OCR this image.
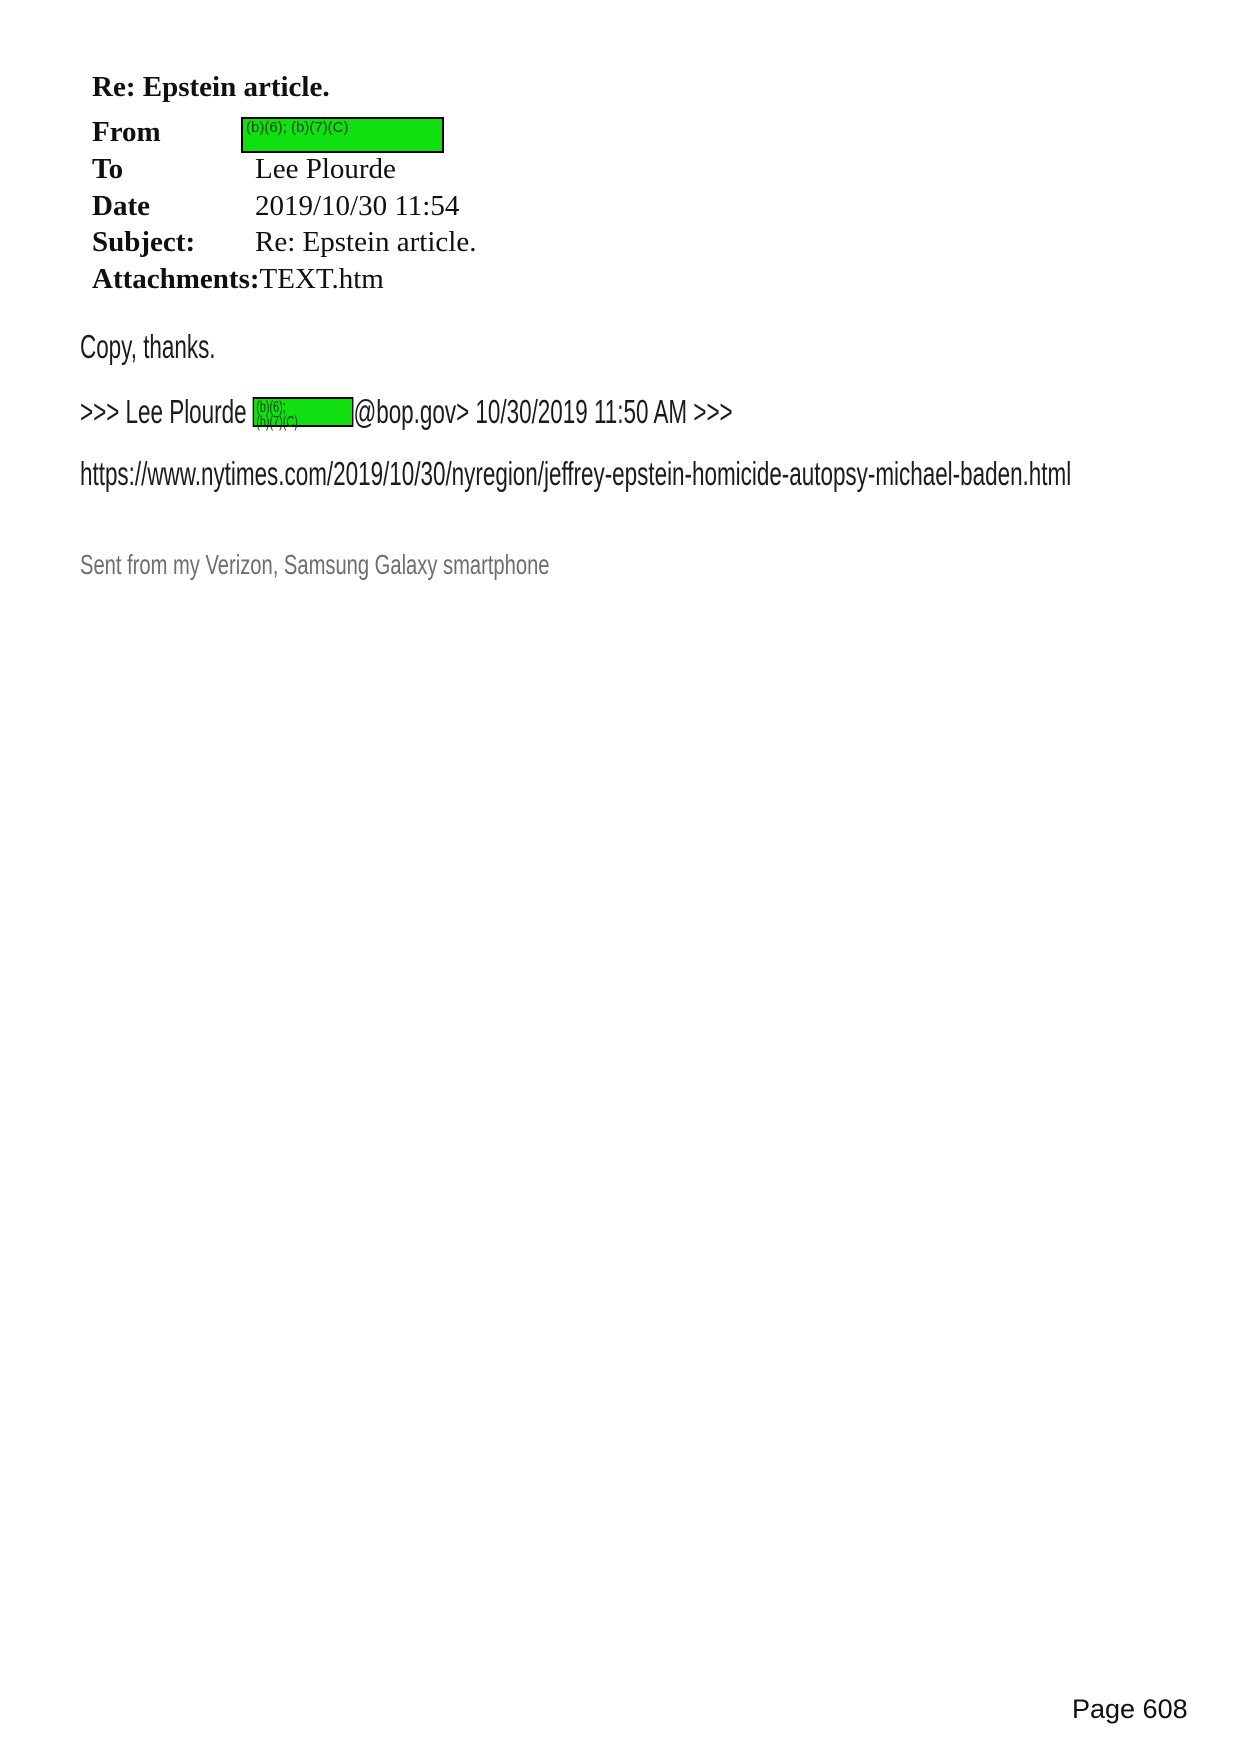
Re: Epstein article.
From	(b)(6); (b)(7)(C)
To	Lee Plourde
Date	2019/10/30 11:54
Subject:	Re: Epstein article.
Attachments: TEXT.htm
Copy, thanks.
>>> Lee Plourde (b)(6);
(b)(7)(C) @bop.gov> 10/30/2019 11:50 AM >>>
https://www.nytimes.com/2019/10/30/nyregion/jeffrey-epstein-homicide-autopsy-michael-baden.html
Sent from my Verizon, Samsung Galaxy smartphone
Page 608
